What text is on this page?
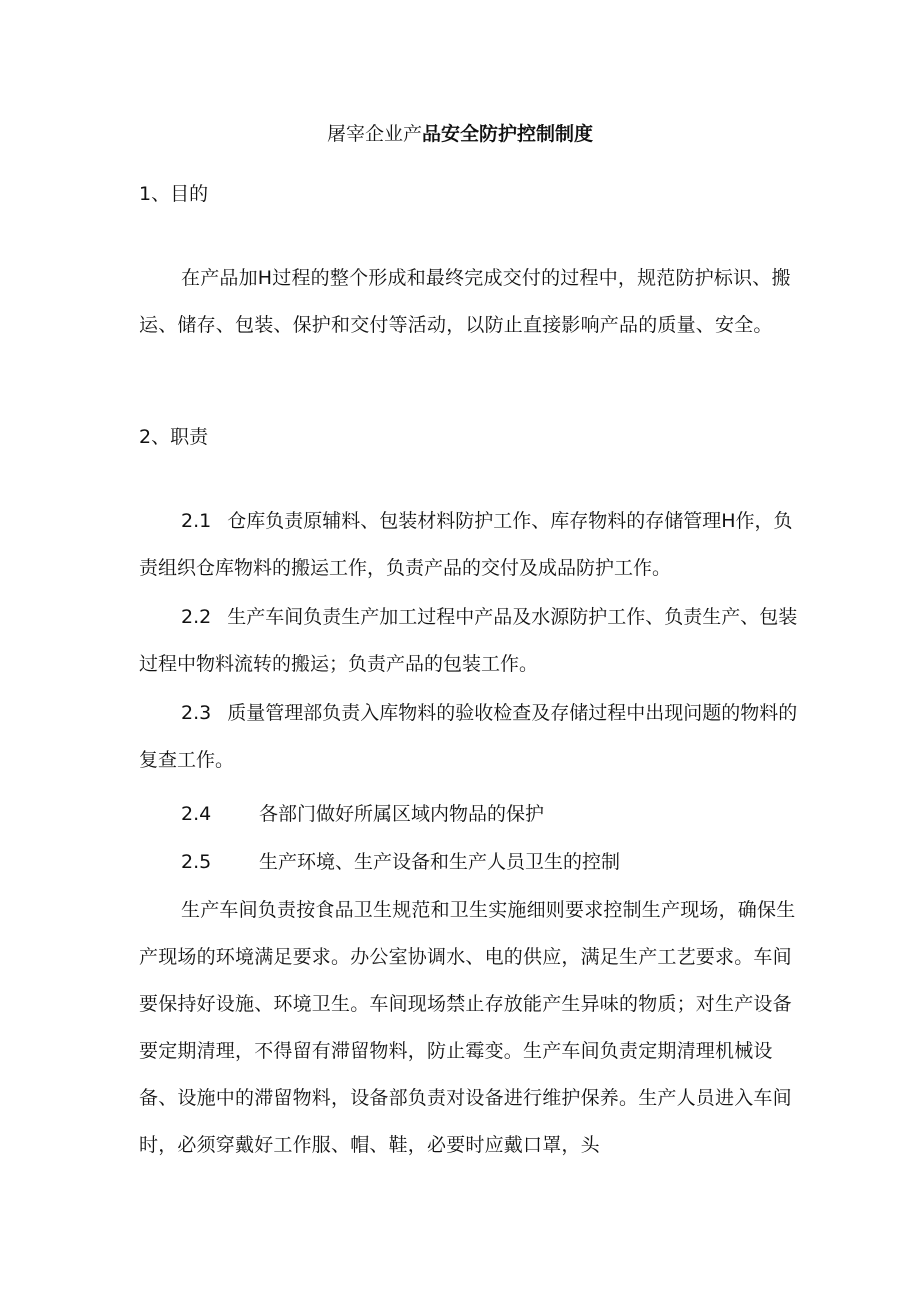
屠宰企业产品安全防护控制制度
1、目的
在产品加H过程的整个形成和最终完成交付的过程中，规范防护标识、搬运、储存、包装、保护和交付等活动，以防止直接影响产品的质量、安全。
2、职责
2.1 仓库负责原辅料、包装材料防护工作、库存物料的存储管理H作，负责组织仓库物料的搬运工作，负责产品的交付及成品防护工作。
2.2 生产车间负责生产加工过程中产品及水源防护工作、负责生产、包装过程中物料流转的搬运；负责产品的包装工作。
2.3 质量管理部负责入库物料的验收检查及存储过程中出现问题的物料的复查工作。
2.4	各部门做好所属区域内物品的保护
2.5	生产环境、生产设备和生产人员卫生的控制
生产车间负责按食品卫生规范和卫生实施细则要求控制生产现场，确保生产现场的环境满足要求。办公室协调水、电的供应，满足生产工艺要求。车间要保持好设施、环境卫生。车间现场禁止存放能产生异味的物质；对生产设备要定期清理，不得留有滞留物料，防止霉变。生产车间负责定期清理机械设备、设施中的滞留物料，设备部负责对设备进行维护保养。生产人员进入车间时，必须穿戴好工作服、帽、鞋，必要时应戴口罩，头
